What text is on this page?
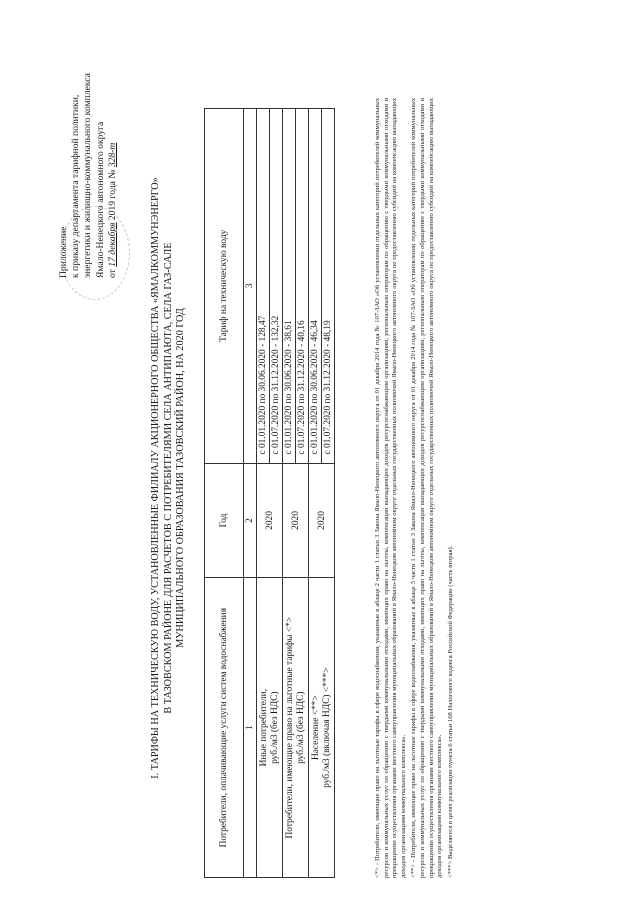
Приложение к приказу департамента тарифной политики, энергетики и жилищно-коммунального комплекса Ямало-Ненецкого автономного округа от 17 декабря 2019 года № 328-т
I. ТАРИФЫ НА ТЕХНИЧЕСКУЮ ВОДУ, УСТАНОВЛЕННЫЕ ФИЛИАЛУ АКЦИОНЕРНОГО ОБЩЕСТВА «ЯМАЛКОММУНЭНЕРГО» В ТАЗОВСКОМ РАЙОНЕ ДЛЯ РАСЧЕТОВ С ПОТРЕБИТЕЛЯМИ СЕЛА АНТИПАЮТА, СЕЛА ГАЗ-САЛЕ МУНИЦИПАЛЬНОГО ОБРАЗОВАНИЯ ТАЗОВСКИЙ РАЙОН, НА 2020 ГОД
Потребители, оплачивающие услуги систем водоснабжения	Год	Тариф на техническую воду
1	2	3

Иные потребители, руб./м3 (без НДС)	2020	с 01.01.2020 по 30.06.2020 - 128,47
		с 01.07.2020 по 31.12.2020 - 132,32

Потребители, имеющие право на льготные тарифы <*> руб./м3 (без НДС)	2020	с 01.01.2020 по 30.06.2020 - 38,61
		с 01.07.2020 по 31.12.2020 - 40,16

Население <**> руб./м3 (включая НДС) <***>	2020	с 01.01.2020 по 30.06.2020 - 46,34
		с 01.07.2020 по 31.12.2020 - 48,19	<*> - Потребители, имеющие право на льготные тарифы в сфере водоснабжения, указанные в абзаце 2 части 1 статьи 3 Закона Ямало-Ненецкого автономного округа от 01 декабря 2014 года № 107-ЗАО «Об установлении отдельных категорий потребителей коммунальных ресурсов и коммунальных услуг по обращению с твердыми коммунальными отходами, имеющих право на льготы, компенсации выпадающих доходов ресурсоснабжающим организациям, региональным операторам по обращению с твердыми коммунальными отходами и прекращении осуществления органами местного самоуправления муниципальных образований в Ямало-Ненецком автономном округе отдельных государственных полномочий Ямало-Ненецкого автономного округа по предоставлению субсидий на компенсацию выпадающих доходов организациям коммунального комплекса». <**> - Потребители, имеющие право на льготные тарифы в сфере водоснабжения, указанные в абзаце 3 части 1 статьи 3 Закона Ямало-Ненецкого автономного округа от 01 декабря 2014 года № 107-ЗАО «Об установлении отдельных категорий потребителей коммунальных ресурсов и коммунальных услуг по обращению с твердыми коммунальными отходами, имеющих право на льготы, компенсации выпадающих доходов ресурсоснабжающим организациям, региональным операторам по обращению с твердыми коммунальными отходами и прекращении осуществления органами местного самоуправления муниципальных образований в Ямало-Ненецком автономном округе отдельных государственных полномочий Ямало-Ненецкого автономного округа по предоставлению субсидий на компенсацию выпадающих доходов организациям коммунального комплекса». <***> Выделяется в целях реализации пункта 6 статьи 168 Налогового кодекса Российской Федерации (часть вторая).
